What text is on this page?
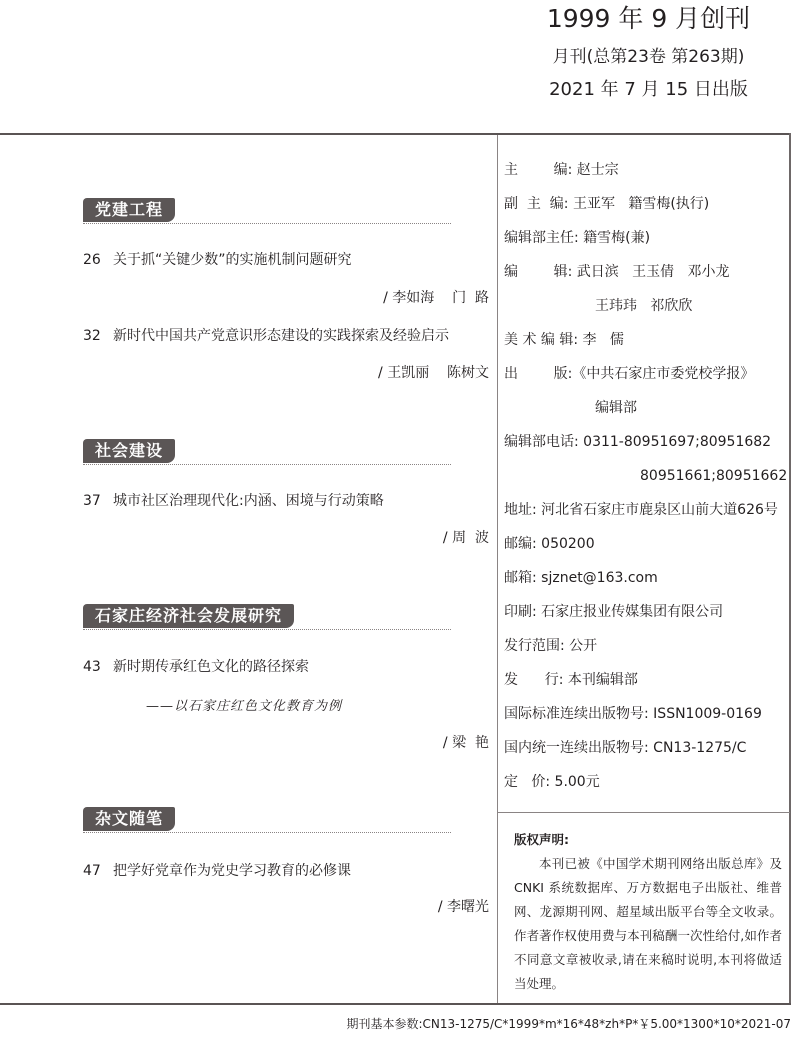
1999 年 9 月创刊
月刊(总第23卷 第263期)
2021 年 7 月 15 日出版
党建工程
26 关于抓“关键少数”的实施机制问题研究
/ 李如海    门  路
32 新时代中国共产党意识形态建设的实践探索及经验启示
/ 王凯丽    陈树文
社会建设
37 城市社区治理现代化:内涵、困境与行动策略
/ 周  波
石家庄经济社会发展研究
43 新时期传承红色文化的路径探索
——以石家庄红色文化教育为例
/ 梁  艳
杂文随笔
47 把学好党章作为党史学习教育的必修课
/ 李曙光
主        编: 赵士宗
副  主  编: 王亚军   籍雪梅(执行)
编辑部主任: 籍雪梅(兼)
编        辑: 武日滨   王玉倩   邓小龙
王玮玮   祁欣欣
美 术 编 辑: 李   儒
出        版:《中共石家庄市委党校学报》
编辑部
编辑部电话: 0311-80951697;80951682
80951661;80951662
地址: 河北省石家庄市鹿泉区山前大道626号
邮编: 050200
邮箱: sjznet@163.com
印刷: 石家庄报业传媒集团有限公司
发行范围: 公开
发      行: 本刊编辑部
国际标准连续出版物号: ISSN1009-0169
国内统一连续出版物号: CN13-1275/C
定   价: 5.00元
版权声明:

本刊已被《中国学术期刊网络出版总库》及 CNKI 系统数据库、万方数据电子出版社、维普网、龙源期刊网、超星域出版平台等全文收录。作者著作权使用费与本刊稿酬一次性给付,如作者不同意文章被收录,请在来稿时说明,本刊将做适当处理。

期刊基本参数:CN13-1275/C*1999*m*16*48*zh*P*￥5.00*1300*10*2021-07
